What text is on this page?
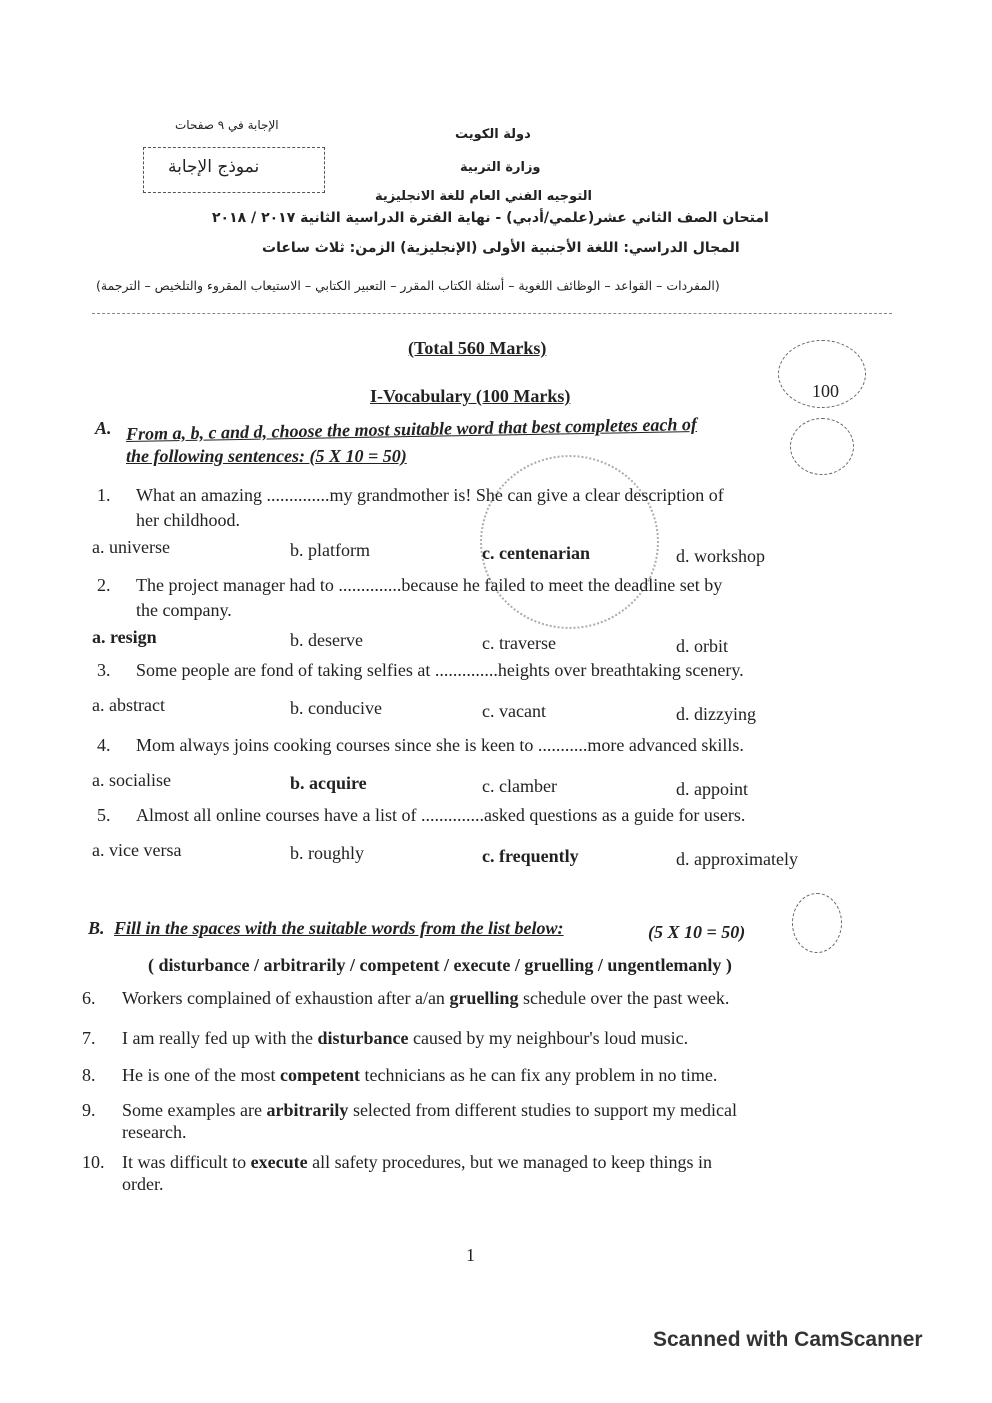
الإجابة في ٩ صفحات
دولة الكويت
نموذج الإجابة	وزارة التربية
التوجيه الفني العام للغة الانجليزية
امتحان الصف الثاني عشر(علمي/أدبي) - نهاية الفترة الدراسية الثانية ٢٠١٧ / ٢٠١٨
المجال الدراسي: اللغة الأجنبية الأولى (الإنجليزية) الزمن: ثلاث ساعات
(المفردات – القواعد – الوظائف اللغوية – أسئلة الكتاب المقرر – التعبير الكتابي – الاستيعاب المقروء والتلخيص – الترجمة)
(Total 560 Marks)
I-Vocabulary (100 Marks)	100
A. From a, b, c and d, choose the most suitable word that best completes each of
the following sentences: (5 X 10 = 50)
1. What an amazing ..............my grandmother is! She can give a clear description of
her childhood.
a. universe	b. platform	c. centenarian	d. workshop
2. The project manager had to ..............because he failed to meet the deadline set by
the company.
a. resign	b. deserve	c. traverse	d. orbit
3. Some people are fond of taking selfies at ..............heights over breathtaking scenery.
a. abstract	b. conducive	c. vacant	d. dizzying
4. Mom always joins cooking courses since she is keen to ...........more advanced skills.
a. socialise	b. acquire	c. clamber	d. appoint
5. Almost all online courses have a list of ..............asked questions as a guide for users.
a. vice versa	b. roughly	c. frequently	d. approximately
B. Fill in the spaces with the suitable words from the list below:	(5 X 10 = 50)
( disturbance / arbitrarily / competent / execute / gruelling / ungentlemanly )
6. Workers complained of exhaustion after a/an gruelling schedule over the past week.
7. I am really fed up with the disturbance caused by my neighbour's loud music.
8. He is one of the most competent technicians as he can fix any problem in no time.
9. Some examples are arbitrarily selected from different studies to support my medical
research.
10. It was difficult to execute all safety procedures, but we managed to keep things in
order.
1
Scanned with CamScanner
